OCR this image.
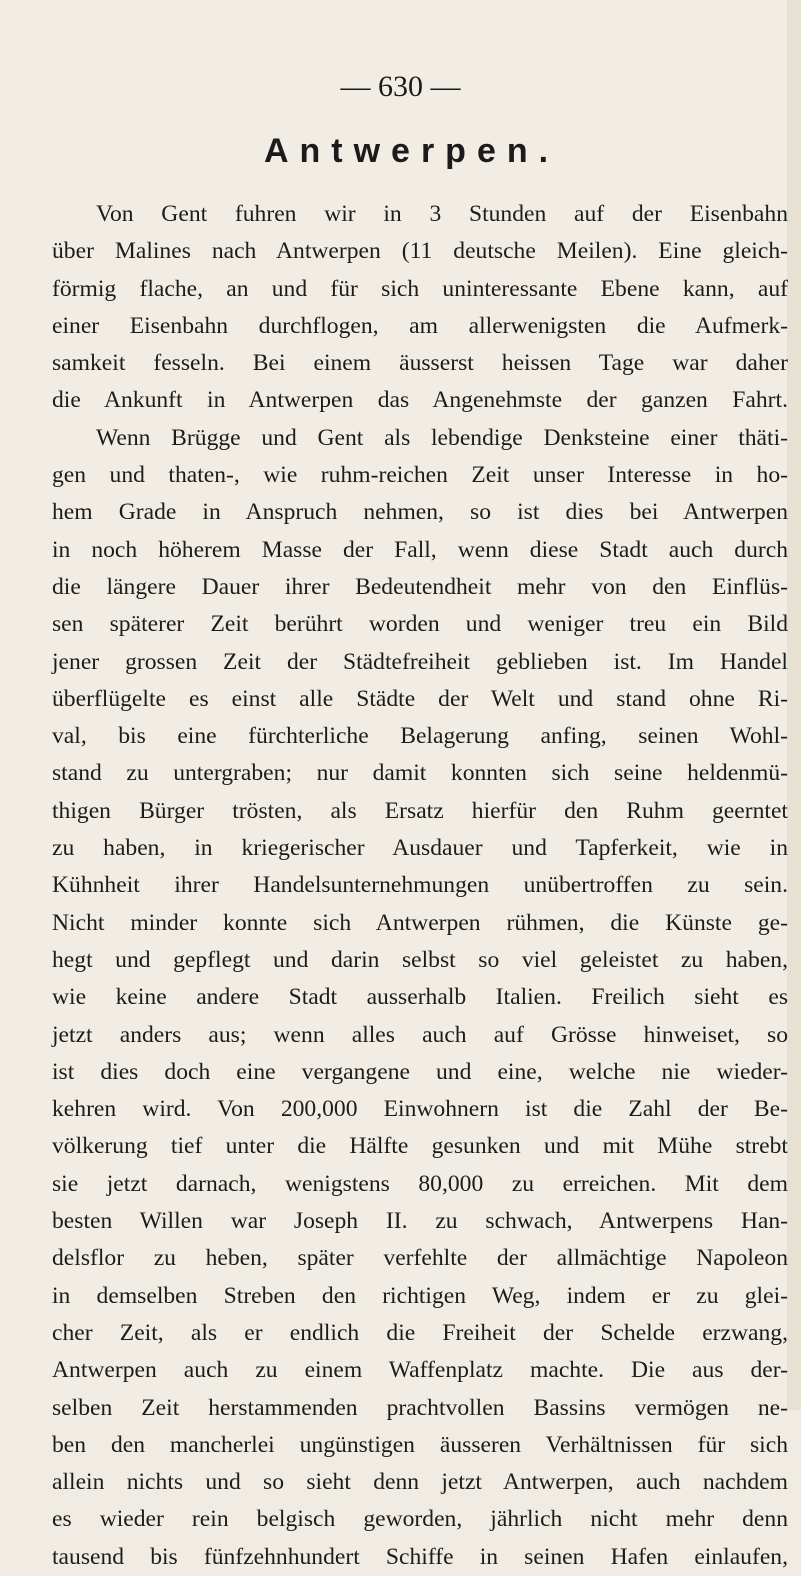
— 630 —

Antwerpen.
Von Gent fuhren wir in 3 Stunden auf der Eisenbahn
über Malines nach Antwerpen (11 deutsche Meilen). Eine gleich-
förmig flache, an und für sich uninteressante Ebene kann, auf
einer Eisenbahn durchflogen, am allerwenigsten die Aufmerk-
samkeit fesseln. Bei einem äusserst heissen Tage war daher
die Ankunft in Antwerpen das Angenehmste der ganzen Fahrt.
Wenn Brügge und Gent als lebendige Denksteine einer thäti-
gen und thaten-, wie ruhm-reichen Zeit unser Interesse in ho-
hem Grade in Anspruch nehmen, so ist dies bei Antwerpen
in noch höherem Masse der Fall, wenn diese Stadt auch durch
die längere Dauer ihrer Bedeutendheit mehr von den Einflüs-
sen späterer Zeit berührt worden und weniger treu ein Bild
jener grossen Zeit der Städtefreiheit geblieben ist. Im Handel
überflügelte es einst alle Städte der Welt und stand ohne Ri-
val, bis eine fürchterliche Belagerung anfing, seinen Wohl-
stand zu untergraben; nur damit konnten sich seine heldenmü-
thigen Bürger trösten, als Ersatz hierfür den Ruhm geerntet
zu haben, in kriegerischer Ausdauer und Tapferkeit, wie in
Kühnheit ihrer Handelsunternehmungen unübertroffen zu sein.
Nicht minder konnte sich Antwerpen rühmen, die Künste ge-
hegt und gepflegt und darin selbst so viel geleistet zu haben,
wie keine andere Stadt ausserhalb Italien. Freilich sieht es
jetzt anders aus; wenn alles auch auf Grösse hinweiset, so
ist dies doch eine vergangene und eine, welche nie wieder-
kehren wird. Von 200,000 Einwohnern ist die Zahl der Be-
völkerung tief unter die Hälfte gesunken und mit Mühe strebt
sie jetzt darnach, wenigstens 80,000 zu erreichen. Mit dem
besten Willen war Joseph II. zu schwach, Antwerpens Han-
delsflor zu heben, später verfehlte der allmächtige Napoleon
in demselben Streben den richtigen Weg, indem er zu glei-
cher Zeit, als er endlich die Freiheit der Schelde erzwang,
Antwerpen auch zu einem Waffenplatz machte. Die aus der-
selben Zeit herstammenden prachtvollen Bassins vermögen ne-
ben den mancherlei ungünstigen äusseren Verhältnissen für sich
allein nichts und so sieht denn jetzt Antwerpen, auch nachdem
es wieder rein belgisch geworden, jährlich nicht mehr denn
tausend bis fünfzehnhundert Schiffe in seinen Hafen einlaufen,
